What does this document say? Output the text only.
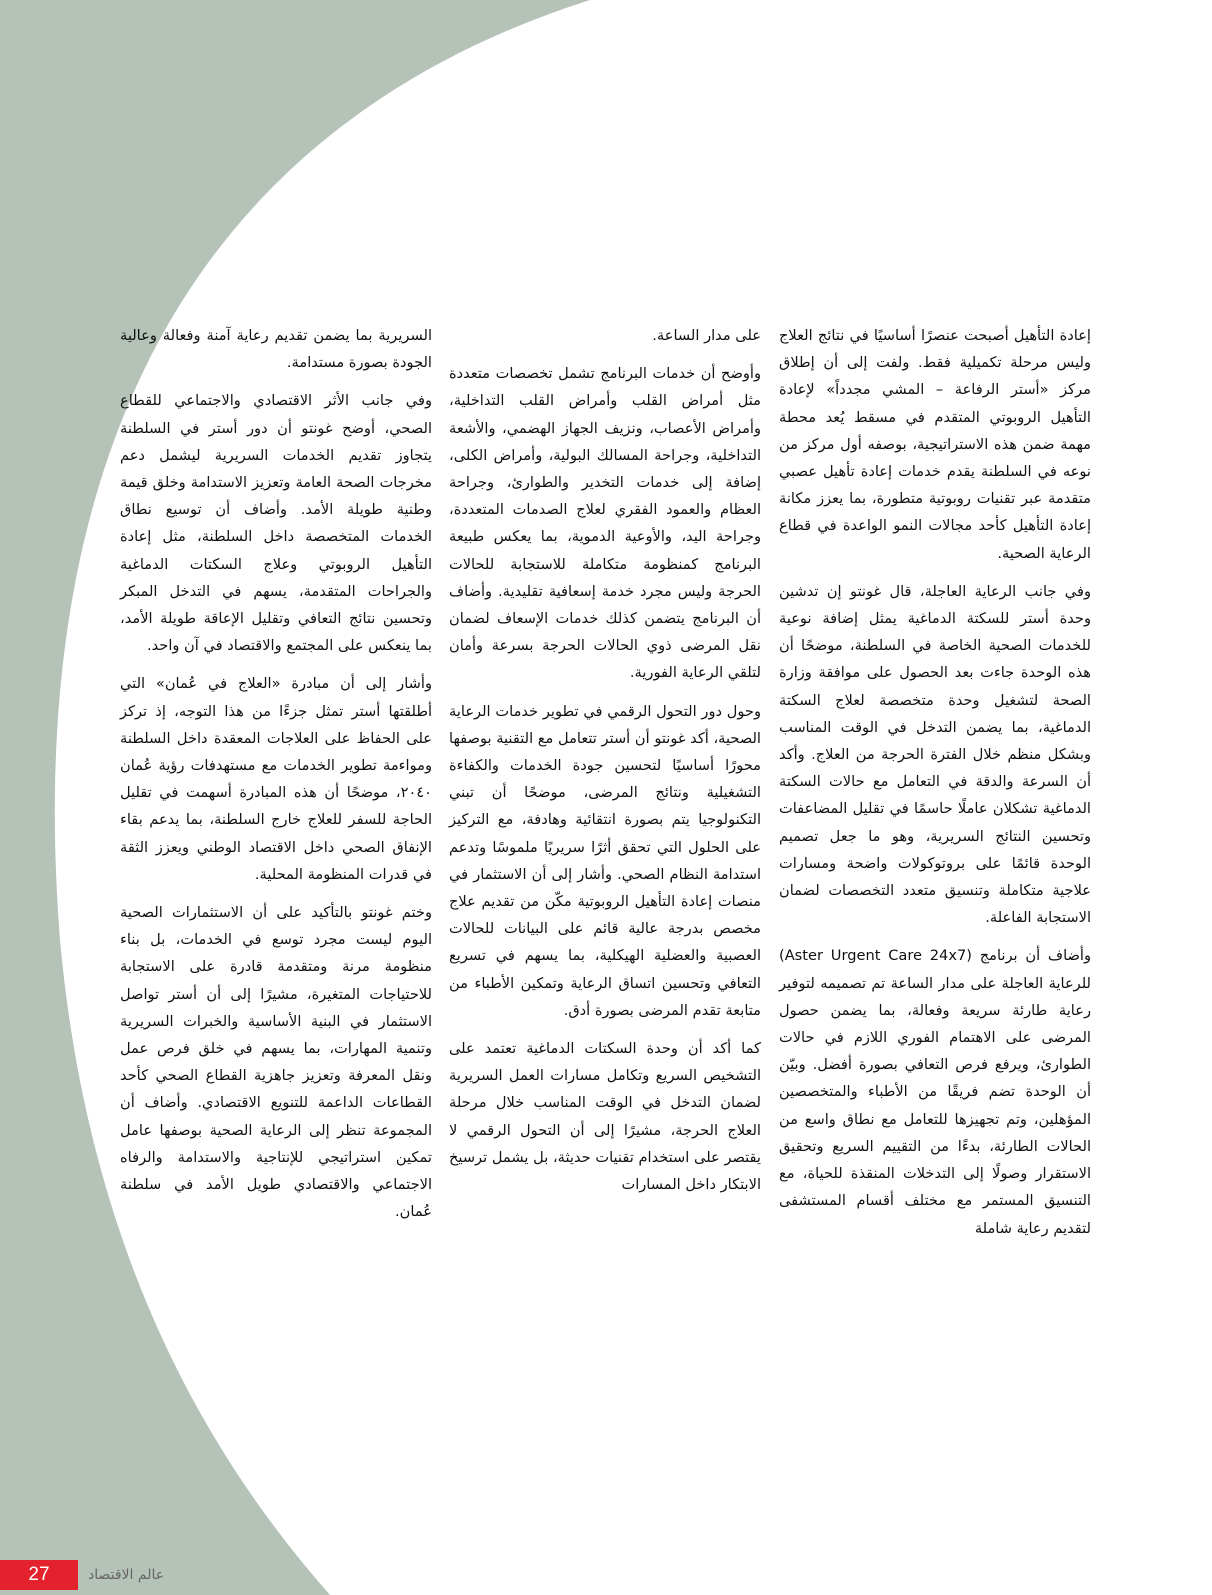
إعادة التأهيل أصبحت عنصرًا أساسيًا في نتائج العلاج وليس مرحلة تكميلية فقط. ولفت إلى أن إطلاق مركز «أستر الرفاعة – المشي مجدداً» لإعادة التأهيل الروبوتي المتقدم في مسقط يُعد محطة مهمة ضمن هذه الاستراتيجية، بوصفه أول مركز من نوعه في السلطنة يقدم خدمات إعادة تأهيل عصبي متقدمة عبر تقنيات روبوتية متطورة، بما يعزز مكانة إعادة التأهيل كأحد مجالات النمو الواعدة في قطاع الرعاية الصحية.

وفي جانب الرعاية العاجلة، قال غونتو إن تدشين وحدة أستر للسكتة الدماغية يمثل إضافة نوعية للخدمات الصحية الخاصة في السلطنة، موضحًا أن هذه الوحدة جاءت بعد الحصول على موافقة وزارة الصحة لتشغيل وحدة متخصصة لعلاج السكتة الدماغية، بما يضمن التدخل في الوقت المناسب وبشكل منظم خلال الفترة الحرجة من العلاج. وأكد أن السرعة والدقة في التعامل مع حالات السكتة الدماغية تشكلان عاملًا حاسمًا في تقليل المضاعفات وتحسين النتائج السريرية، وهو ما جعل تصميم الوحدة قائمًا على بروتوكولات واضحة ومسارات علاجية متكاملة وتنسيق متعدد التخصصات لضمان الاستجابة الفاعلة.

وأضاف أن برنامج (Aster Urgent Care 24x7) للرعاية العاجلة على مدار الساعة تم تصميمه لتوفير رعاية طارئة سريعة وفعالة، بما يضمن حصول المرضى على الاهتمام الفوري اللازم في حالات الطوارئ، ويرفع فرص التعافي بصورة أفضل. وبيّن أن الوحدة تضم فريقًا من الأطباء والمتخصصين المؤهلين، وتم تجهيزها للتعامل مع نطاق واسع من الحالات الطارئة، بدءًا من التقييم السريع وتحقيق الاستقرار وصولًا إلى التدخلات المنقذة للحياة، مع التنسيق المستمر مع مختلف أقسام المستشفى لتقديم رعاية شاملة

على مدار الساعة.

وأوضح أن خدمات البرنامج تشمل تخصصات متعددة مثل أمراض القلب وأمراض القلب التداخلية، وأمراض الأعصاب، ونزيف الجهاز الهضمي، والأشعة التداخلية، وجراحة المسالك البولية، وأمراض الكلى، إضافة إلى خدمات التخدير والطوارئ، وجراحة العظام والعمود الفقري لعلاج الصدمات المتعددة، وجراحة اليد، والأوعية الدموية، بما يعكس طبيعة البرنامج كمنظومة متكاملة للاستجابة للحالات الحرجة وليس مجرد خدمة إسعافية تقليدية. وأضاف أن البرنامج يتضمن كذلك خدمات الإسعاف لضمان نقل المرضى ذوي الحالات الحرجة بسرعة وأمان لتلقي الرعاية الفورية.

وحول دور التحول الرقمي في تطوير خدمات الرعاية الصحية، أكد غونتو أن أستر تتعامل مع التقنية بوصفها محورًا أساسيًا لتحسين جودة الخدمات والكفاءة التشغيلية ونتائج المرضى، موضحًا أن تبني التكنولوجيا يتم بصورة انتقائية وهادفة، مع التركيز على الحلول التي تحقق أثرًا سريريًا ملموسًا وتدعم استدامة النظام الصحي. وأشار إلى أن الاستثمار في منصات إعادة التأهيل الروبوتية مكّن من تقديم علاج مخصص بدرجة عالية قائم على البيانات للحالات العصبية والعضلية الهيكلية، بما يسهم في تسريع التعافي وتحسين اتساق الرعاية وتمكين الأطباء من متابعة تقدم المرضى بصورة أدق.

كما أكد أن وحدة السكتات الدماغية تعتمد على التشخيص السريع وتكامل مسارات العمل السريرية لضمان التدخل في الوقت المناسب خلال مرحلة العلاج الحرجة، مشيرًا إلى أن التحول الرقمي لا يقتصر على استخدام تقنيات حديثة، بل يشمل ترسيخ الابتكار داخل المسارات

السريرية بما يضمن تقديم رعاية آمنة وفعالة وعالية الجودة بصورة مستدامة.

وفي جانب الأثر الاقتصادي والاجتماعي للقطاع الصحي، أوضح غونتو أن دور أستر في السلطنة يتجاوز تقديم الخدمات السريرية ليشمل دعم مخرجات الصحة العامة وتعزيز الاستدامة وخلق قيمة وطنية طويلة الأمد. وأضاف أن توسيع نطاق الخدمات المتخصصة داخل السلطنة، مثل إعادة التأهيل الروبوتي وعلاج السكتات الدماغية والجراحات المتقدمة، يسهم في التدخل المبكر وتحسين نتائج التعافي وتقليل الإعاقة طويلة الأمد، بما ينعكس على المجتمع والاقتصاد في آن واحد.

وأشار إلى أن مبادرة «العلاج في عُمان» التي أطلقتها أستر تمثل جزءًا من هذا التوجه، إذ تركز على الحفاظ على العلاجات المعقدة داخل السلطنة ومواءمة تطوير الخدمات مع مستهدفات رؤية عُمان ٢٠٤٠، موضحًا أن هذه المبادرة أسهمت في تقليل الحاجة للسفر للعلاج خارج السلطنة، بما يدعم بقاء الإنفاق الصحي داخل الاقتصاد الوطني ويعزز الثقة في قدرات المنظومة المحلية.

وختم غونتو بالتأكيد على أن الاستثمارات الصحية اليوم ليست مجرد توسع في الخدمات، بل بناء منظومة مرنة ومتقدمة قادرة على الاستجابة للاحتياجات المتغيرة، مشيرًا إلى أن أستر تواصل الاستثمار في البنية الأساسية والخبرات السريرية وتنمية المهارات، بما يسهم في خلق فرص عمل ونقل المعرفة وتعزيز جاهزية القطاع الصحي كأحد القطاعات الداعمة للتنويع الاقتصادي. وأضاف أن المجموعة تنظر إلى الرعاية الصحية بوصفها عامل تمكين استراتيجي للإنتاجية والاستدامة والرفاه الاجتماعي والاقتصادي طويل الأمد في سلطنة عُمان.

27	عالم الاقتصاد
